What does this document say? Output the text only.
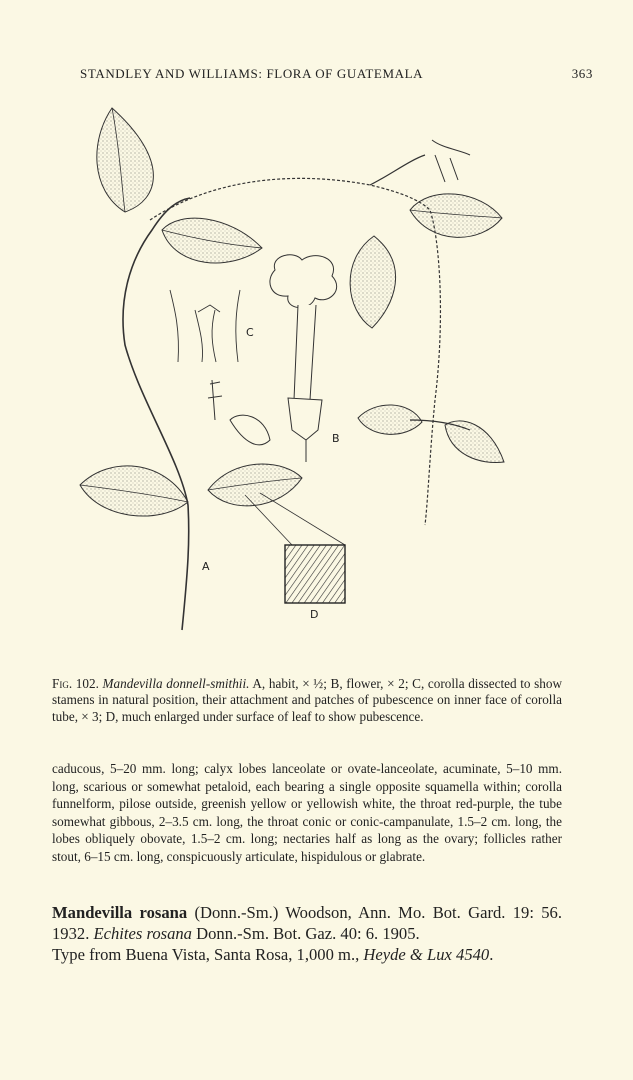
STANDLEY AND WILLIAMS: FLORA OF GUATEMALA	363
A
B
C
D
Fig. 102. Mandevilla donnell-smithii. A, habit, × ½; B, flower, × 2; C, corolla dissected to show stamens in natural position, their attachment and patches of pubescence on inner face of corolla tube, × 3; D, much enlarged under surface of leaf to show pubescence.
caducous, 5–20 mm. long; calyx lobes lanceolate or ovate-lanceolate, acuminate, 5–10 mm. long, scarious or somewhat petaloid, each bearing a single opposite squamella within; corolla funnelform, pilose outside, greenish yellow or yellowish white, the throat red-purple, the tube somewhat gibbous, 2–3.5 cm. long, the throat conic or conic-campanulate, 1.5–2 cm. long, the lobes obliquely obovate, 1.5–2 cm. long; nectaries half as long as the ovary; follicles rather stout, 6–15 cm. long, conspicuously articulate, hispidulous or glabrate.
Mandevilla rosana (Donn.-Sm.) Woodson, Ann. Mo. Bot. Gard. 19: 56. 1932. Echites rosana Donn.-Sm. Bot. Gaz. 40: 6. 1905.
Type from Buena Vista, Santa Rosa, 1,000 m., Heyde & Lux 4540.
